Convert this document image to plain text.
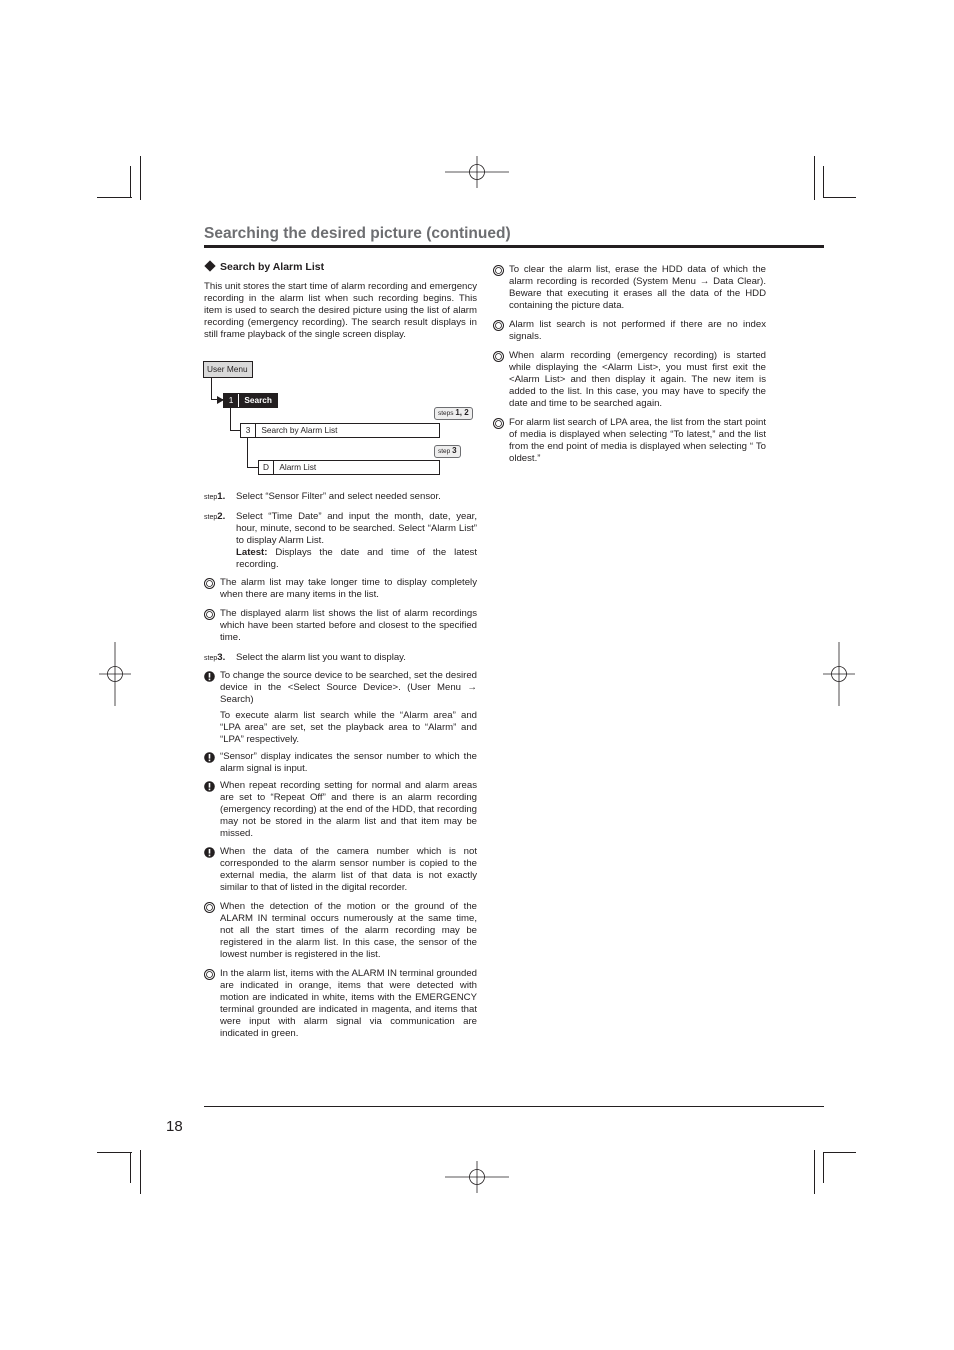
Searching the desired picture (continued)
Search by Alarm List
This unit stores the start time of alarm recording and emergency recording in the alarm list when such recording begins. This item is used to search the desired picture using the list of alarm recording (emergency recording). The search result displays in still frame playback of the single screen display.
User Menu
1 Search
steps 1, 2
3 Search by Alarm List
step 3
D Alarm List
step1. Select “Sensor Filter” and select needed sensor.
step2. Select “Time Date” and input the month, date, year, hour, minute, second to be searched. Select “Alarm List” to display Alarm List.
Latest: Displays the date and time of the latest recording.
The alarm list may take longer time to display completely when there are many items in the list.
The displayed alarm list shows the list of alarm recordings which have been started before and closest to the specified time.
step3. Select the alarm list you want to display.
To change the source device to be searched, set the desired device in the <Select Source Device>. (User Menu → Search)
To execute alarm list search while the “Alarm area” and “LPA area” are set, set the playback area to “Alarm” and “LPA” respectively.
“Sensor” display indicates the sensor number to which the alarm signal is input.
When repeat recording setting for normal and alarm areas are set to “Repeat Off” and there is an alarm recording (emergency recording) at the end of the HDD, that recording may not be stored in the alarm list and that item may be missed.
When the data of the camera number which is not corresponded to the alarm sensor number is copied to the external media, the alarm list of that data is not exactly similar to that of listed in the digital recorder.
When the detection of the motion or the ground of the ALARM IN terminal occurs numerously at the same time, not all the start times of the alarm recording may be registered in the alarm list. In this case, the sensor of the lowest number is registered in the list.
In the alarm list, items with the ALARM IN terminal grounded are indicated in orange, items that were detected with motion are indicated in white, items with the EMERGENCY terminal grounded are indicated in magenta, and items that were input with alarm signal via communication are indicated in green.
To clear the alarm list, erase the HDD data of which the alarm recording is recorded (System Menu → Data Clear). Beware that executing it erases all the data of the HDD containing the picture data.
Alarm list search is not performed if there are no index signals.
When alarm recording (emergency recording) is started while displaying the <Alarm List>, you must first exit the <Alarm List> and then display it again. The new item is added to the list. In this case, you may have to specify the date and time to be searched again.
For alarm list search of LPA area, the list from the start point of media is displayed when selecting “To latest,” and the list from the end point of media is displayed when selecting “ To oldest.”
18
